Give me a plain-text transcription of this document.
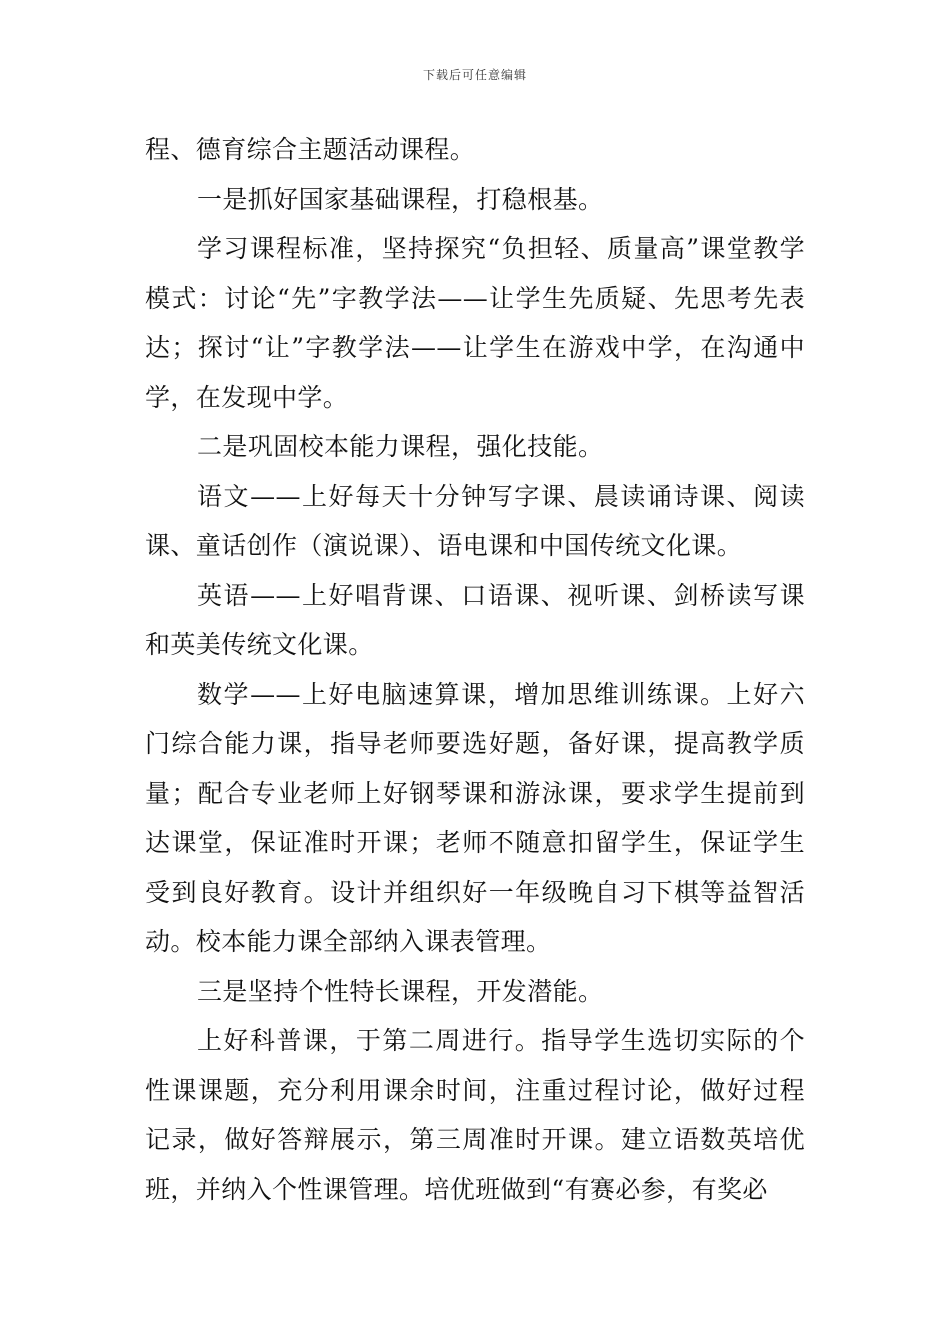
下载后可任意编辑

程、德育综合主题活动课程。

一是抓好国家基础课程，打稳根基。

学习课程标准，坚持探究“负担轻、质量高”课堂教学模式：讨论“先”字教学法——让学生先质疑、先思考先表达；探讨“让”字教学法——让学生在游戏中学，在沟通中学，在发现中学。

二是巩固校本能力课程，强化技能。

语文——上好每天十分钟写字课、晨读诵诗课、阅读课、童话创作（演说课）、语电课和中国传统文化课。

英语——上好唱背课、口语课、视听课、剑桥读写课和英美传统文化课。

数学——上好电脑速算课，增加思维训练课。上好六门综合能力课，指导老师要选好题，备好课，提高教学质量；配合专业老师上好钢琴课和游泳课，要求学生提前到达课堂，保证准时开课；老师不随意扣留学生，保证学生受到良好教育。设计并组织好一年级晚自习下棋等益智活动。校本能力课全部纳入课表管理。

三是坚持个性特长课程，开发潜能。

上好科普课，于第二周进行。指导学生选切实际的个性课课题，充分利用课余时间，注重过程讨论，做好过程记录，做好答辩展示，第三周准时开课。建立语数英培优班，并纳入个性课管理。培优班做到“有赛必参，有奖必
